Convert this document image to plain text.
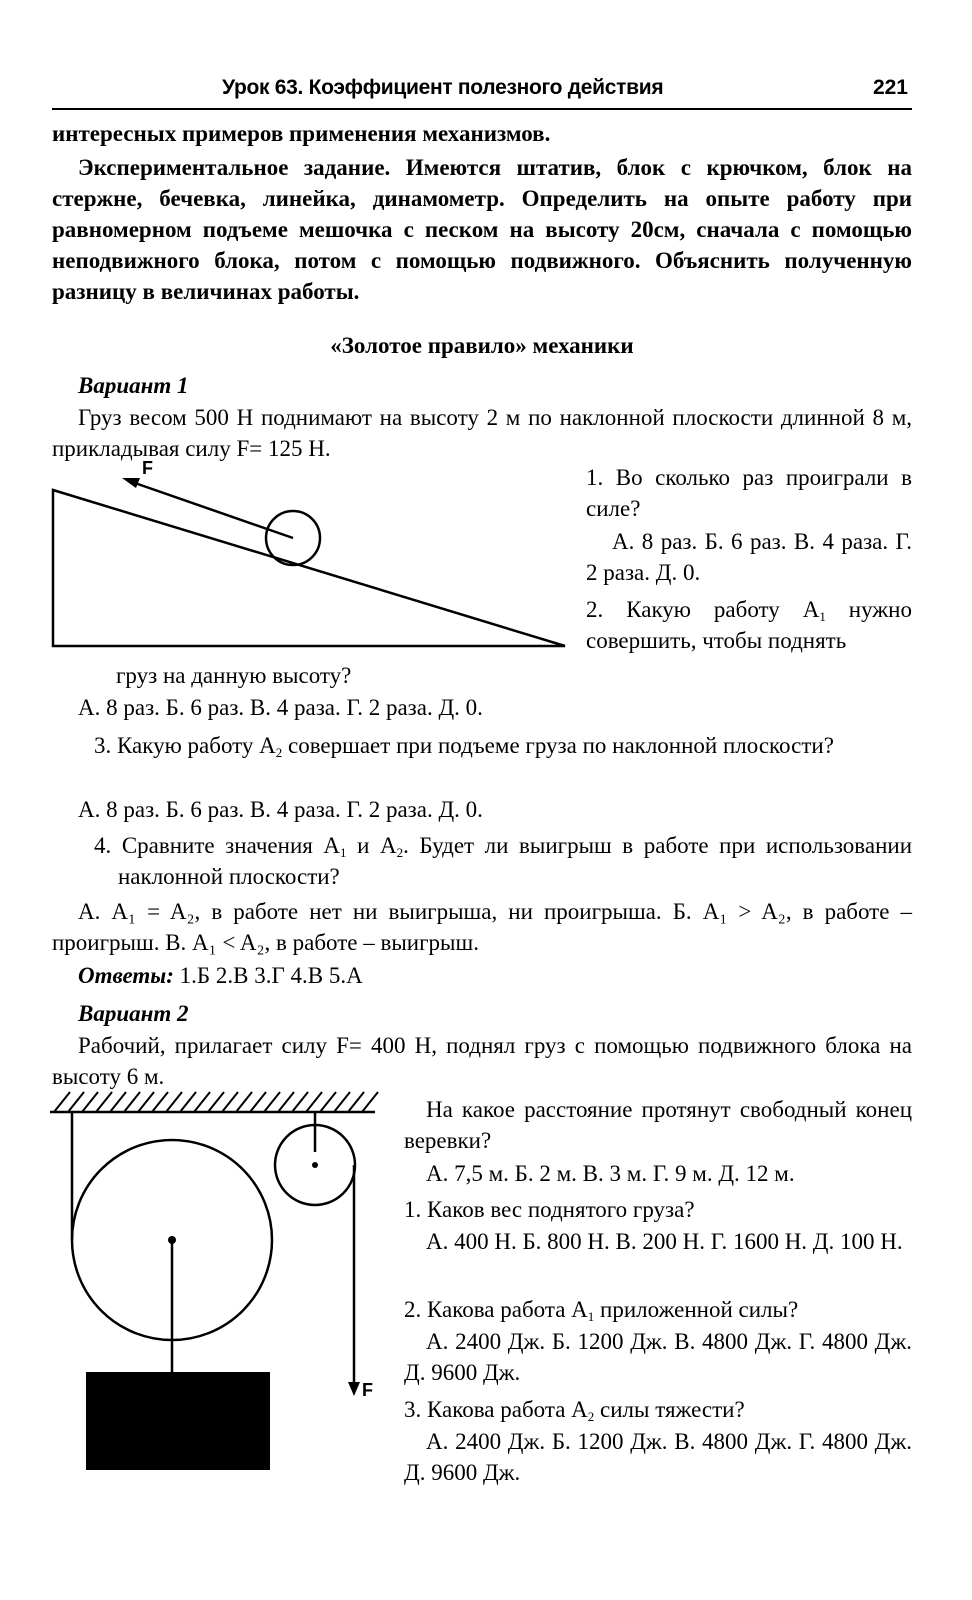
Урок 63. Коэффициент полезного действия	221
интересных примеров применения механизмов.
Экспериментальное задание. Имеются штатив, блок с крючком, блок на стержне, бечевка, линейка, динамометр. Определить на опыте работу при равномерном подъеме мешочка с песком на высоту 20см, сначала с помощью неподвижного блока, потом с помощью подвижного. Объяснить полученную разницу в величинах работы.
«Золотое правило» механики
Вариант 1
Груз весом 500 Н поднимают на высоту 2 м по наклонной плоскости длинной 8 м, прикладывая силу F= 125 Н.
F	1. Во сколько раз проиграли в силе?
А. 8 раз. Б. 6 раз. В. 4 раза. Г. 2 раза. Д. 0.
2. Какую работу $A_1$ нужно совершить, чтобы поднять
груз на данную высоту?
А. 8 раз. Б. 6 раз. В. 4 раза. Г. 2 раза. Д. 0.
3. Какую работу $A_2$ совершает при подъеме груза по наклонной плоскости?
А. 8 раз. Б. 6 раз. В. 4 раза. Г. 2 раза. Д. 0.
4. Сравните значения $A_1$ и $A_2$. Будет ли выигрыш в работе при использовании наклонной плоскости?
А. A₁ = A₂, в работе нет ни выигрыша, ни проигрыша. Б. A₁ > A₂, в работе – проигрыш. В. A₁ < A₂, в работе – выигрыш.
Ответы: 1.Б 2.В 3.Г 4.В 5.А
Вариант 2
Рабочий, прилагает силу F= 400 Н, поднял груз с помощью подвижного блока на высоту 6 м.
F
На какое расстояние протянут свободный конец веревки?
А. 7,5 м. Б. 2 м. В. 3 м. Г. 9 м. Д. 12 м.
1. Каков вес поднятого груза?
А. 400 Н. Б. 800 Н. В. 200 Н. Г. 1600 Н. Д. 100 Н.
2. Какова работа $A_1$ приложенной силы?
А. 2400 Дж. Б. 1200 Дж. В. 4800 Дж. Г. 4800 Дж. Д. 9600 Дж.
3. Какова работа $A_2$ силы тяжести?
А. 2400 Дж. Б. 1200 Дж. В. 4800 Дж. Г. 4800 Дж. Д. 9600 Дж.
